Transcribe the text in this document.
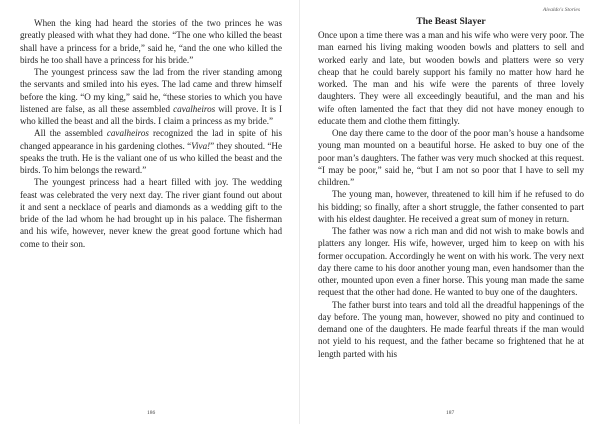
When the king had heard the stories of the two princes he was greatly pleased with what they had done. “The one who killed the beast shall have a princess for a bride,” said he, “and the one who killed the birds he too shall have a princess for his bride.”

The youngest princess saw the lad from the river standing among the servants and smiled into his eyes. The lad came and threw himself before the king. “O my king,” said he, “these stories to which you have listened are false, as all these assembled cavalheiros will prove. It is I who killed the beast and all the birds. I claim a princess as my bride.”

All the assembled cavalheiros recognized the lad in spite of his changed appearance in his gardening clothes. “Viva!” they shouted. “He speaks the truth. He is the valiant one of us who killed the beast and the birds. To him belongs the reward.”

The youngest princess had a heart filled with joy. The wedding feast was celebrated the very next day. The river giant found out about it and sent a necklace of pearls and diamonds as a wedding gift to the bride of the lad whom he had brought up in his palace. The fisherman and his wife, however, never knew the great good fortune which had come to their son.

186
Aivaldo's Stories
The Beast Slayer

Once upon a time there was a man and his wife who were very poor. The man earned his living making wooden bowls and platters to sell and worked early and late, but wooden bowls and platters were so very cheap that he could barely support his family no matter how hard he worked. The man and his wife were the parents of three lovely daughters. They were all exceedingly beautiful, and the man and his wife often lamented the fact that they did not have money enough to educate them and clothe them fittingly.

One day there came to the door of the poor man’s house a handsome young man mounted on a beautiful horse. He asked to buy one of the poor man’s daughters. The father was very much shocked at this request. “I may be poor,” said he, “but I am not so poor that I have to sell my children.”

The young man, however, threatened to kill him if he refused to do his bidding; so finally, after a short struggle, the father consented to part with his eldest daughter. He received a great sum of money in return.

The father was now a rich man and did not wish to make bowls and platters any longer. His wife, however, urged him to keep on with his former occupation. Accordingly he went on with his work. The very next day there came to his door another young man, even handsomer than the other, mounted upon even a finer horse. This young man made the same request that the other had done. He wanted to buy one of the daughters.

The father burst into tears and told all the dreadful happenings of the day before. The young man, however, showed no pity and continued to demand one of the daughters. He made fearful threats if the man would not yield to his request, and the father became so frightened that he at length parted with his

187
